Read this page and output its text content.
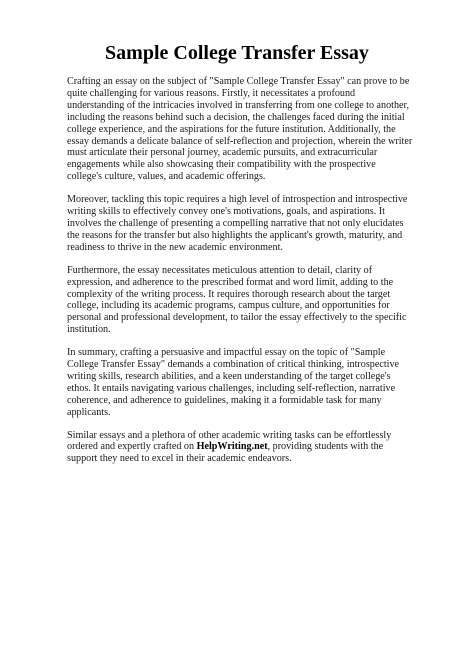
Sample College Transfer Essay

Crafting an essay on the subject of "Sample College Transfer Essay" can prove to be quite challenging for various reasons. Firstly, it necessitates a profound understanding of the intricacies involved in transferring from one college to another, including the reasons behind such a decision, the challenges faced during the initial college experience, and the aspirations for the future institution. Additionally, the essay demands a delicate balance of self-reflection and projection, wherein the writer must articulate their personal journey, academic pursuits, and extracurricular engagements while also showcasing their compatibility with the prospective college's culture, values, and academic offerings.

Moreover, tackling this topic requires a high level of introspection and introspective writing skills to effectively convey one's motivations, goals, and aspirations. It involves the challenge of presenting a compelling narrative that not only elucidates the reasons for the transfer but also highlights the applicant's growth, maturity, and readiness to thrive in the new academic environment.

Furthermore, the essay necessitates meticulous attention to detail, clarity of expression, and adherence to the prescribed format and word limit, adding to the complexity of the writing process. It requires thorough research about the target college, including its academic programs, campus culture, and opportunities for personal and professional development, to tailor the essay effectively to the specific institution.

In summary, crafting a persuasive and impactful essay on the topic of "Sample College Transfer Essay" demands a combination of critical thinking, introspective writing skills, research abilities, and a keen understanding of the target college's ethos. It entails navigating various challenges, including self-reflection, narrative coherence, and adherence to guidelines, making it a formidable task for many applicants.

Similar essays and a plethora of other academic writing tasks can be effortlessly ordered and expertly crafted on HelpWriting.net, providing students with the support they need to excel in their academic endeavors.
